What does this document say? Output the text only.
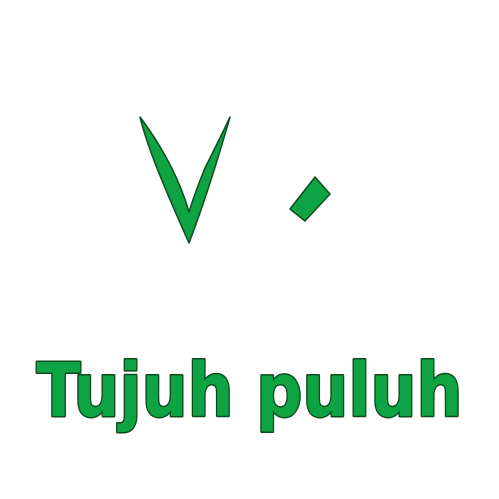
Tujuh puluh
